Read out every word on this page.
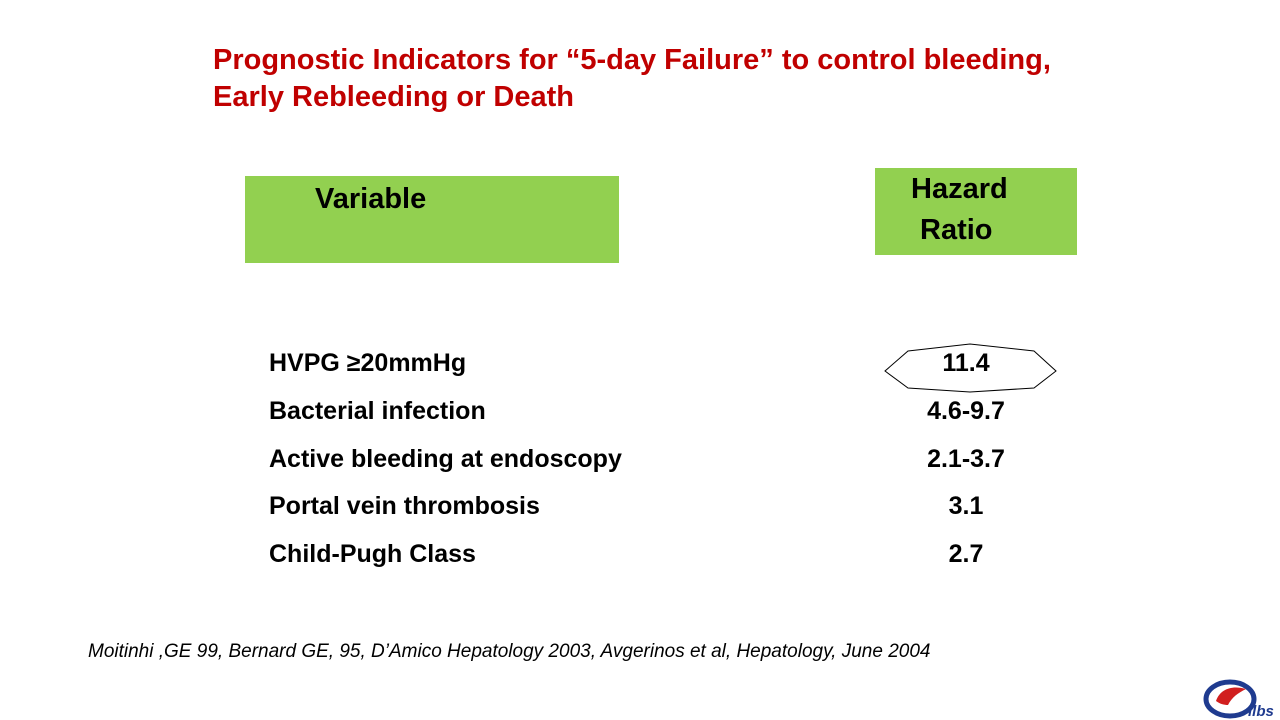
Prognostic Indicators for “5-day Failure” to control bleeding,
Early Rebleeding or Death
Variable	Hazard
Ratio
HVPG ≥20mmHg	11.4
Bacterial infection	4.6-9.7
Active bleeding at endoscopy	2.1-3.7
Portal vein thrombosis	3.1
Child-Pugh Class	2.7
Moitinhi ,GE 99, Bernard GE, 95, D’Amico Hepatology 2003, Avgerinos et al, Hepatology, June 2004
ilbs
